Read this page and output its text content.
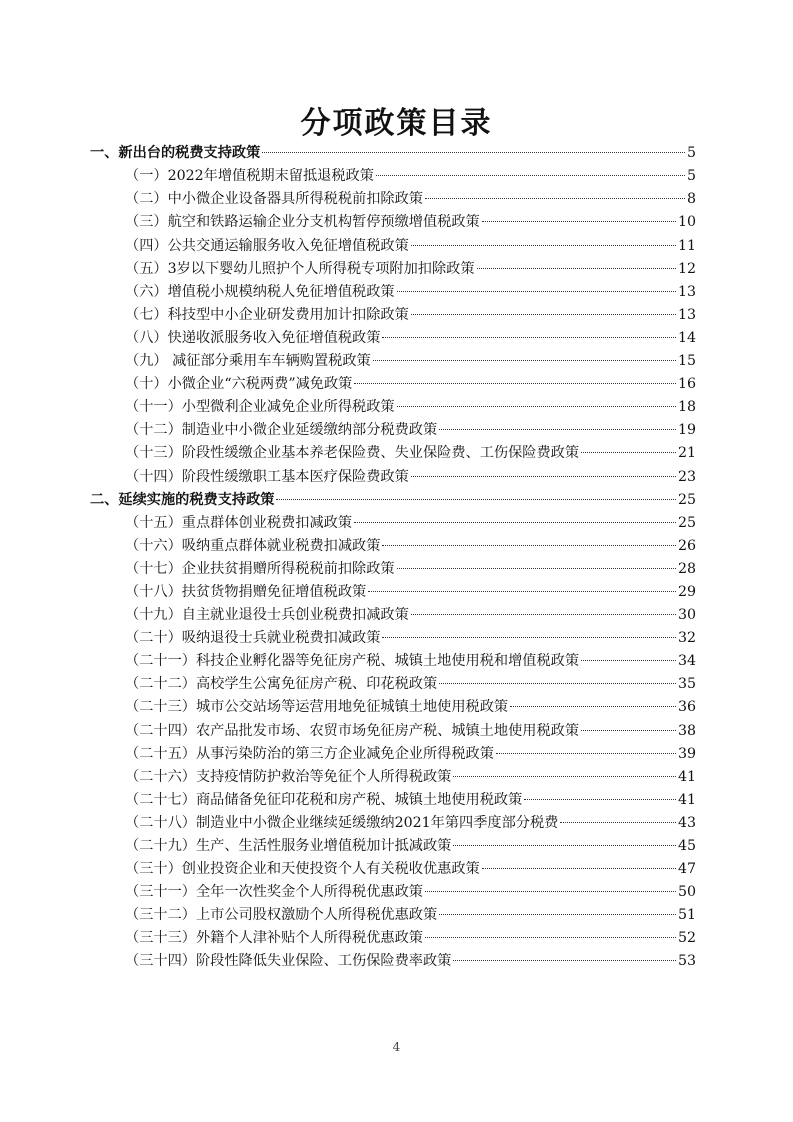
分项政策目录
一、新出台的税费支持政策	5
（一）2022年增值税期末留抵退税政策	5
（二）中小微企业设备器具所得税税前扣除政策	8
（三）航空和铁路运输企业分支机构暂停预缴增值税政策	10
（四）公共交通运输服务收入免征增值税政策	11
（五）3岁以下婴幼儿照护个人所得税专项附加扣除政策	12
（六）增值税小规模纳税人免征增值税政策	13
（七）科技型中小企业研发费用加计扣除政策	13
（八）快递收派服务收入免征增值税政策	14
（九） 减征部分乘用车车辆购置税政策	15
（十）小微企业“六税两费”减免政策	16
（十一）小型微利企业减免企业所得税政策	18
（十二）制造业中小微企业延缓缴纳部分税费政策	19
（十三）阶段性缓缴企业基本养老保险费、失业保险费、工伤保险费政策	21
（十四）阶段性缓缴职工基本医疗保险费政策	23
二、延续实施的税费支持政策	25
（十五）重点群体创业税费扣减政策	25
（十六）吸纳重点群体就业税费扣减政策	26
（十七）企业扶贫捐赠所得税税前扣除政策	28
（十八）扶贫货物捐赠免征增值税政策	29
（十九）自主就业退役士兵创业税费扣减政策	30
（二十）吸纳退役士兵就业税费扣减政策	32
（二十一）科技企业孵化器等免征房产税、城镇土地使用税和增值税政策	34
（二十二）高校学生公寓免征房产税、印花税政策	35
（二十三）城市公交站场等运营用地免征城镇土地使用税政策	36
（二十四）农产品批发市场、农贸市场免征房产税、城镇土地使用税政策	38
（二十五）从事污染防治的第三方企业减免企业所得税政策	39
（二十六）支持疫情防护救治等免征个人所得税政策	41
（二十七）商品储备免征印花税和房产税、城镇土地使用税政策	41
（二十八）制造业中小微企业继续延缓缴纳2021年第四季度部分税费	43
（二十九）生产、生活性服务业增值税加计抵减政策	45
（三十）创业投资企业和天使投资个人有关税收优惠政策	47
（三十一）全年一次性奖金个人所得税优惠政策	50
（三十二）上市公司股权激励个人所得税优惠政策	51
（三十三）外籍个人津补贴个人所得税优惠政策	52
（三十四）阶段性降低失业保险、工伤保险费率政策	53
4
